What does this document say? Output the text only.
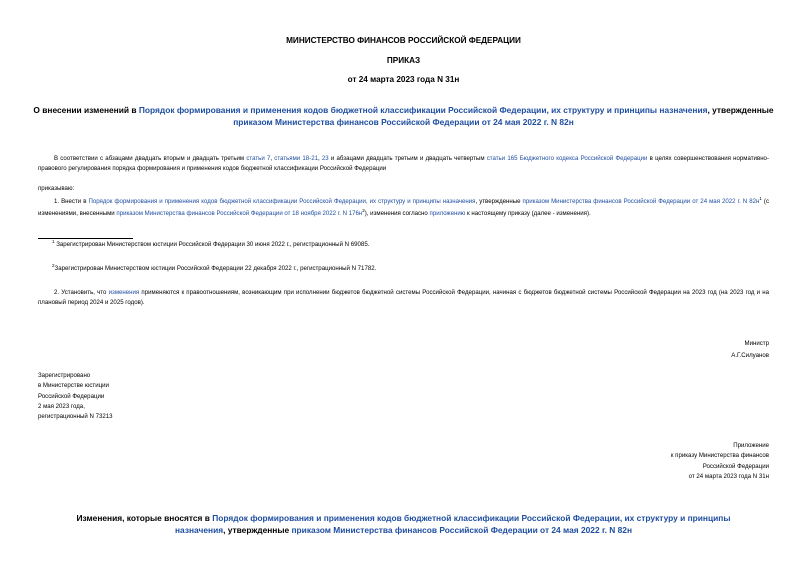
МИНИСТЕРСТВО ФИНАНСОВ РОССИЙСКОЙ ФЕДЕРАЦИИ
ПРИКАЗ
от 24 марта 2023 года N 31н
О внесении изменений в Порядок формирования и применения кодов бюджетной классификации Российской Федерации, их структуру и принципы назначения, утвержденные приказом Министерства финансов Российской Федерации от 24 мая 2022 г. N 82н
В соответствии с абзацами двадцать вторым и двадцать третьим статьи 7, статьями 18-21, 23 и абзацами двадцать третьим и двадцать четвертым статьи 165 Бюджетного кодекса Российской Федерации в целях совершенствования нормативно-правового регулирования порядка формирования и применения кодов бюджетной классификации Российской Федерации
приказываю:
1. Внести в Порядок формирования и применения кодов бюджетной классификации Российской Федерации, их структуру и принципы назначения, утвержденные приказом Министерства финансов Российской Федерации от 24 мая 2022 г. N $82н^1$ (с изменениями, внесенными приказом Министерства финансов Российской Федерации от 18 ноября 2022 г. N $176н^2$), изменения согласно приложению к настоящему приказу (далее - изменения).
$^1$ Зарегистрирован Министерством юстиции Российской Федерации 30 июня 2022 г., регистрационный N 69085.
$^2$Зарегистрирован Министерством юстиции Российской Федерации 22 декабря 2022 г., регистрационный N 71782.
2. Установить, что изменения применяются к правоотношениям, возникающим при исполнении бюджетов бюджетной системы Российской Федерации, начиная с бюджетов бюджетной системы Российской Федерации на 2023 год (на 2023 год и на плановый период 2024 и 2025 годов).
Министр
А.Г.Силуанов
Зарегистрировано
в Министерстве юстиции
Российской Федерации
2 мая 2023 года,
регистрационный N 73213
Приложение
к приказу Министерства финансов
Российской Федерации
от 24 марта 2023 года N 31н
Изменения, которые вносятся в Порядок формирования и применения кодов бюджетной классификации Российской Федерации, их структуру и принципы назначения, утвержденные приказом Министерства финансов Российской Федерации от 24 мая 2022 г. N 82н
